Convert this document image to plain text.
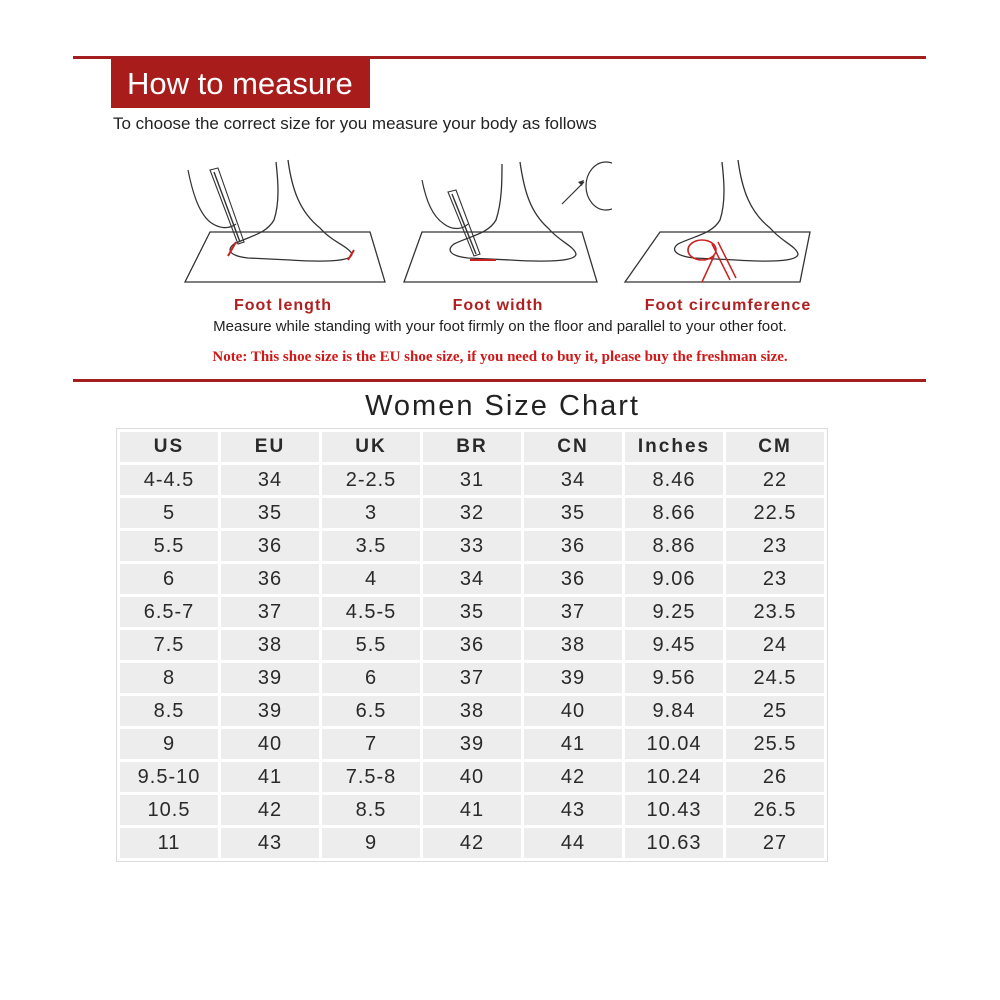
How to measure
To choose the correct size for you measure your body as follows
Foot length	Foot width	Foot circumference
Measure while standing with your foot firmly on the floor and parallel to your other foot.
Note: This shoe size is the EU shoe size, if you need to buy it, please buy the freshman size.
Women Size Chart
US	EU	UK	BR	CN	Inches	CM
4-4.5	34	2-2.5	31	34	8.46	22
5	35	3	32	35	8.66	22.5
5.5	36	3.5	33	36	8.86	23
6	36	4	34	36	9.06	23
6.5-7	37	4.5-5	35	37	9.25	23.5
7.5	38	5.5	36	38	9.45	24
8	39	6	37	39	9.56	24.5
8.5	39	6.5	38	40	9.84	25
9	40	7	39	41	10.04	25.5
9.5-10	41	7.5-8	40	42	10.24	26
10.5	42	8.5	41	43	10.43	26.5
11	43	9	42	44	10.63	27
